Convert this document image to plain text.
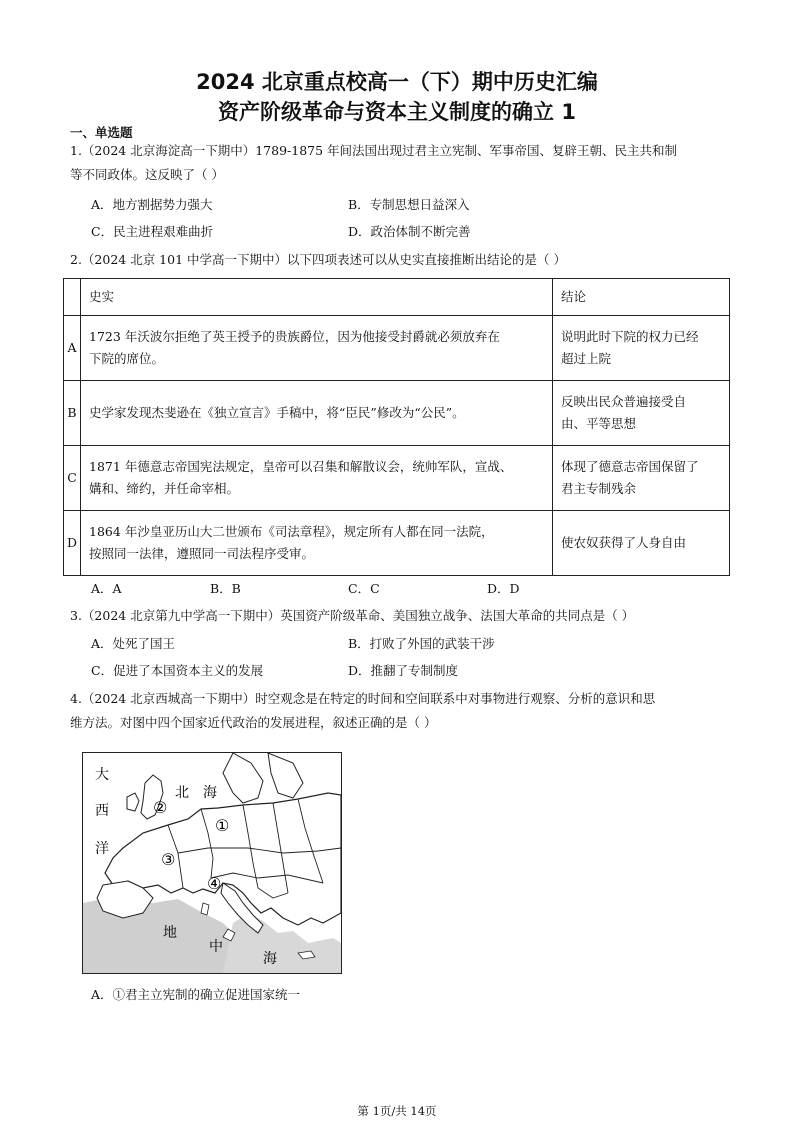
2024 北京重点校高一（下）期中历史汇编
资产阶级革命与资本主义制度的确立 1
一、单选题
1.（2024 北京海淀高一下期中）1789-1875 年间法国出现过君主立宪制、军事帝国、复辟王朝、民主共和制
等不同政体。这反映了（ ）
A．地方割据势力强大	B．专制思想日益深入
C．民主进程艰难曲折	D．政治体制不断完善
2.（2024 北京 101 中学高一下期中）以下四项表述可以从史实直接推断出结论的是（ ）
	史实	结论
A	1723 年沃波尔拒绝了英王授予的贵族爵位，因为他接受封爵就必须放弃在
下院的席位。	说明此时下院的权力已经
超过上院
B	史学家发现杰斐逊在《独立宣言》手稿中，将“臣民”修改为“公民”。	反映出民众普遍接受自
由、平等思想
C	1871 年德意志帝国宪法规定，皇帝可以召集和解散议会，统帅军队，宣战、
媾和、缔约，并任命宰相。	体现了德意志帝国保留了
君主专制残余
D	1864 年沙皇亚历山大二世颁布《司法章程》，规定所有人都在同一法院，
按照同一法律，遵照同一司法程序受审。	使农奴获得了人身自由
A．A	B．B	C．C	D．D
3.（2024 北京第九中学高一下期中）英国资产阶级革命、美国独立战争、法国大革命的共同点是（ ）
A．处死了国王	B．打败了外国的武装干涉
C．促进了本国资本主义的发展	D．推翻了专制制度
4.（2024 北京西城高一下期中）时空观念是在特定的时间和空间联系中对事物进行观察、分析的意识和思
维方法。对图中四个国家近代政治的发展进程，叙述正确的是（ ）
大
西
洋
北 海
地
中
海
①
②
③
④
A．①君主立宪制的确立促进国家统一
第 1页/共 14页
